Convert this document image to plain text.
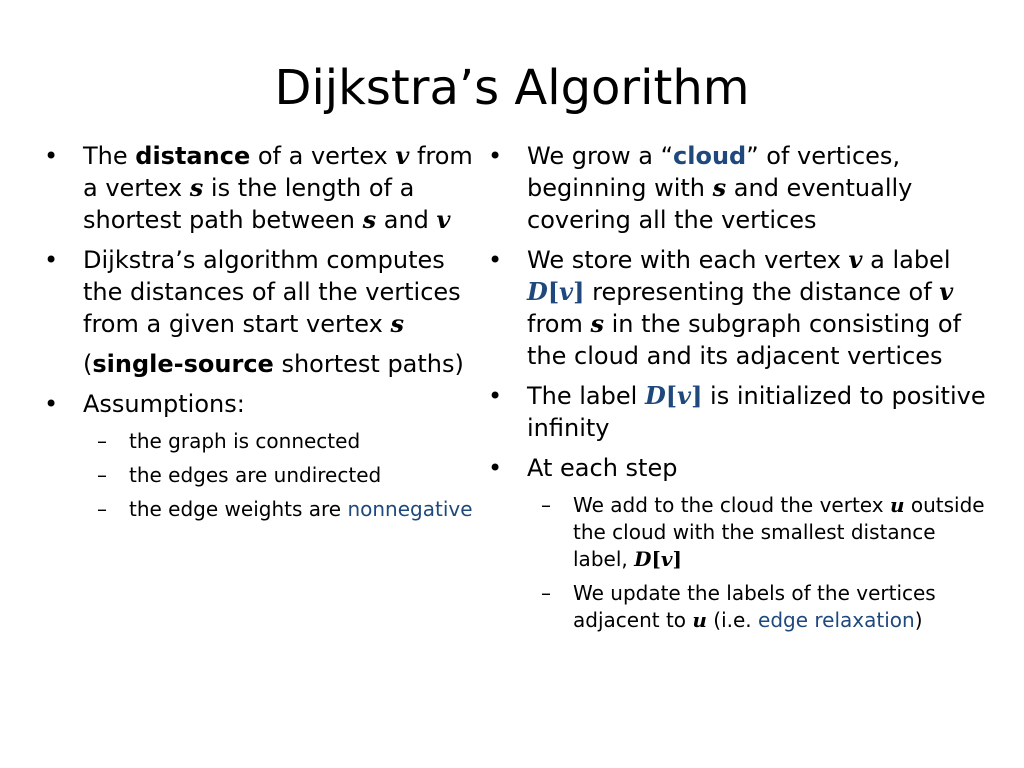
Dijkstra’s Algorithm
• The distance of a vertex v from a vertex s is the length of a shortest path between s and v
• Dijkstra’s algorithm computes the distances of all the vertices from a given start vertex s
(single-source shortest paths)
• Assumptions:
– the graph is connected
– the edges are undirected
– the edge weights are nonnegative
• We grow a “cloud” of vertices, beginning with s and eventually covering all the vertices
• We store with each vertex v a label D[v] representing the distance of v from s in the subgraph consisting of the cloud and its adjacent vertices
• The label D[v] is initialized to positive infinity
• At each step
– We add to the cloud the vertex u outside the cloud with the smallest distance label, D[v]
– We update the labels of the vertices adjacent to u (i.e. edge relaxation)
